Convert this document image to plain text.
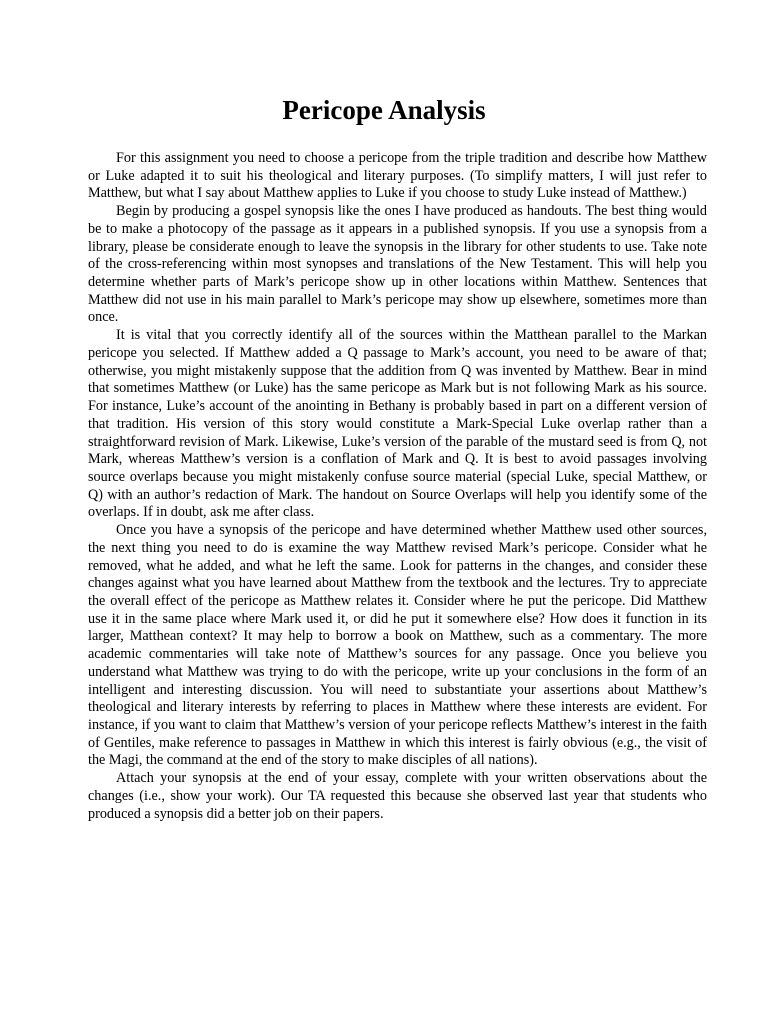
Pericope Analysis

For this assignment you need to choose a pericope from the triple tradition and describe how Matthew or Luke adapted it to suit his theological and literary purposes. (To simplify matters, I will just refer to Matthew, but what I say about Matthew applies to Luke if you choose to study Luke instead of Matthew.)

Begin by producing a gospel synopsis like the ones I have produced as handouts. The best thing would be to make a photocopy of the passage as it appears in a published synopsis. If you use a synopsis from a library, please be considerate enough to leave the synopsis in the library for other students to use. Take note of the cross-referencing within most synopses and translations of the New Testament. This will help you determine whether parts of Mark’s pericope show up in other locations within Matthew. Sentences that Matthew did not use in his main parallel to Mark’s pericope may show up elsewhere, sometimes more than once.

It is vital that you correctly identify all of the sources within the Matthean parallel to the Markan pericope you selected. If Matthew added a Q passage to Mark’s account, you need to be aware of that; otherwise, you might mistakenly suppose that the addition from Q was invented by Matthew. Bear in mind that sometimes Matthew (or Luke) has the same pericope as Mark but is not following Mark as his source. For instance, Luke’s account of the anointing in Bethany is probably based in part on a different version of that tradition. His version of this story would constitute a Mark-Special Luke overlap rather than a straightforward revision of Mark. Likewise, Luke’s version of the parable of the mustard seed is from Q, not Mark, whereas Matthew’s version is a conflation of Mark and Q. It is best to avoid passages involving source overlaps because you might mistakenly confuse source material (special Luke, special Matthew, or Q) with an author’s redaction of Mark. The handout on Source Overlaps will help you identify some of the overlaps. If in doubt, ask me after class.

Once you have a synopsis of the pericope and have determined whether Matthew used other sources, the next thing you need to do is examine the way Matthew revised Mark’s pericope. Consider what he removed, what he added, and what he left the same. Look for patterns in the changes, and consider these changes against what you have learned about Matthew from the textbook and the lectures. Try to appreciate the overall effect of the pericope as Matthew relates it. Consider where he put the pericope. Did Matthew use it in the same place where Mark used it, or did he put it somewhere else? How does it function in its larger, Matthean context? It may help to borrow a book on Matthew, such as a commentary. The more academic commentaries will take note of Matthew’s sources for any passage. Once you believe you understand what Matthew was trying to do with the pericope, write up your conclusions in the form of an intelligent and interesting discussion. You will need to substantiate your assertions about Matthew’s theological and literary interests by referring to places in Matthew where these interests are evident. For instance, if you want to claim that Matthew’s version of your pericope reflects Matthew’s interest in the faith of Gentiles, make reference to passages in Matthew in which this interest is fairly obvious (e.g., the visit of the Magi, the command at the end of the story to make disciples of all nations).

Attach your synopsis at the end of your essay, complete with your written observations about the changes (i.e., show your work). Our TA requested this because she observed last year that students who produced a synopsis did a better job on their papers.
